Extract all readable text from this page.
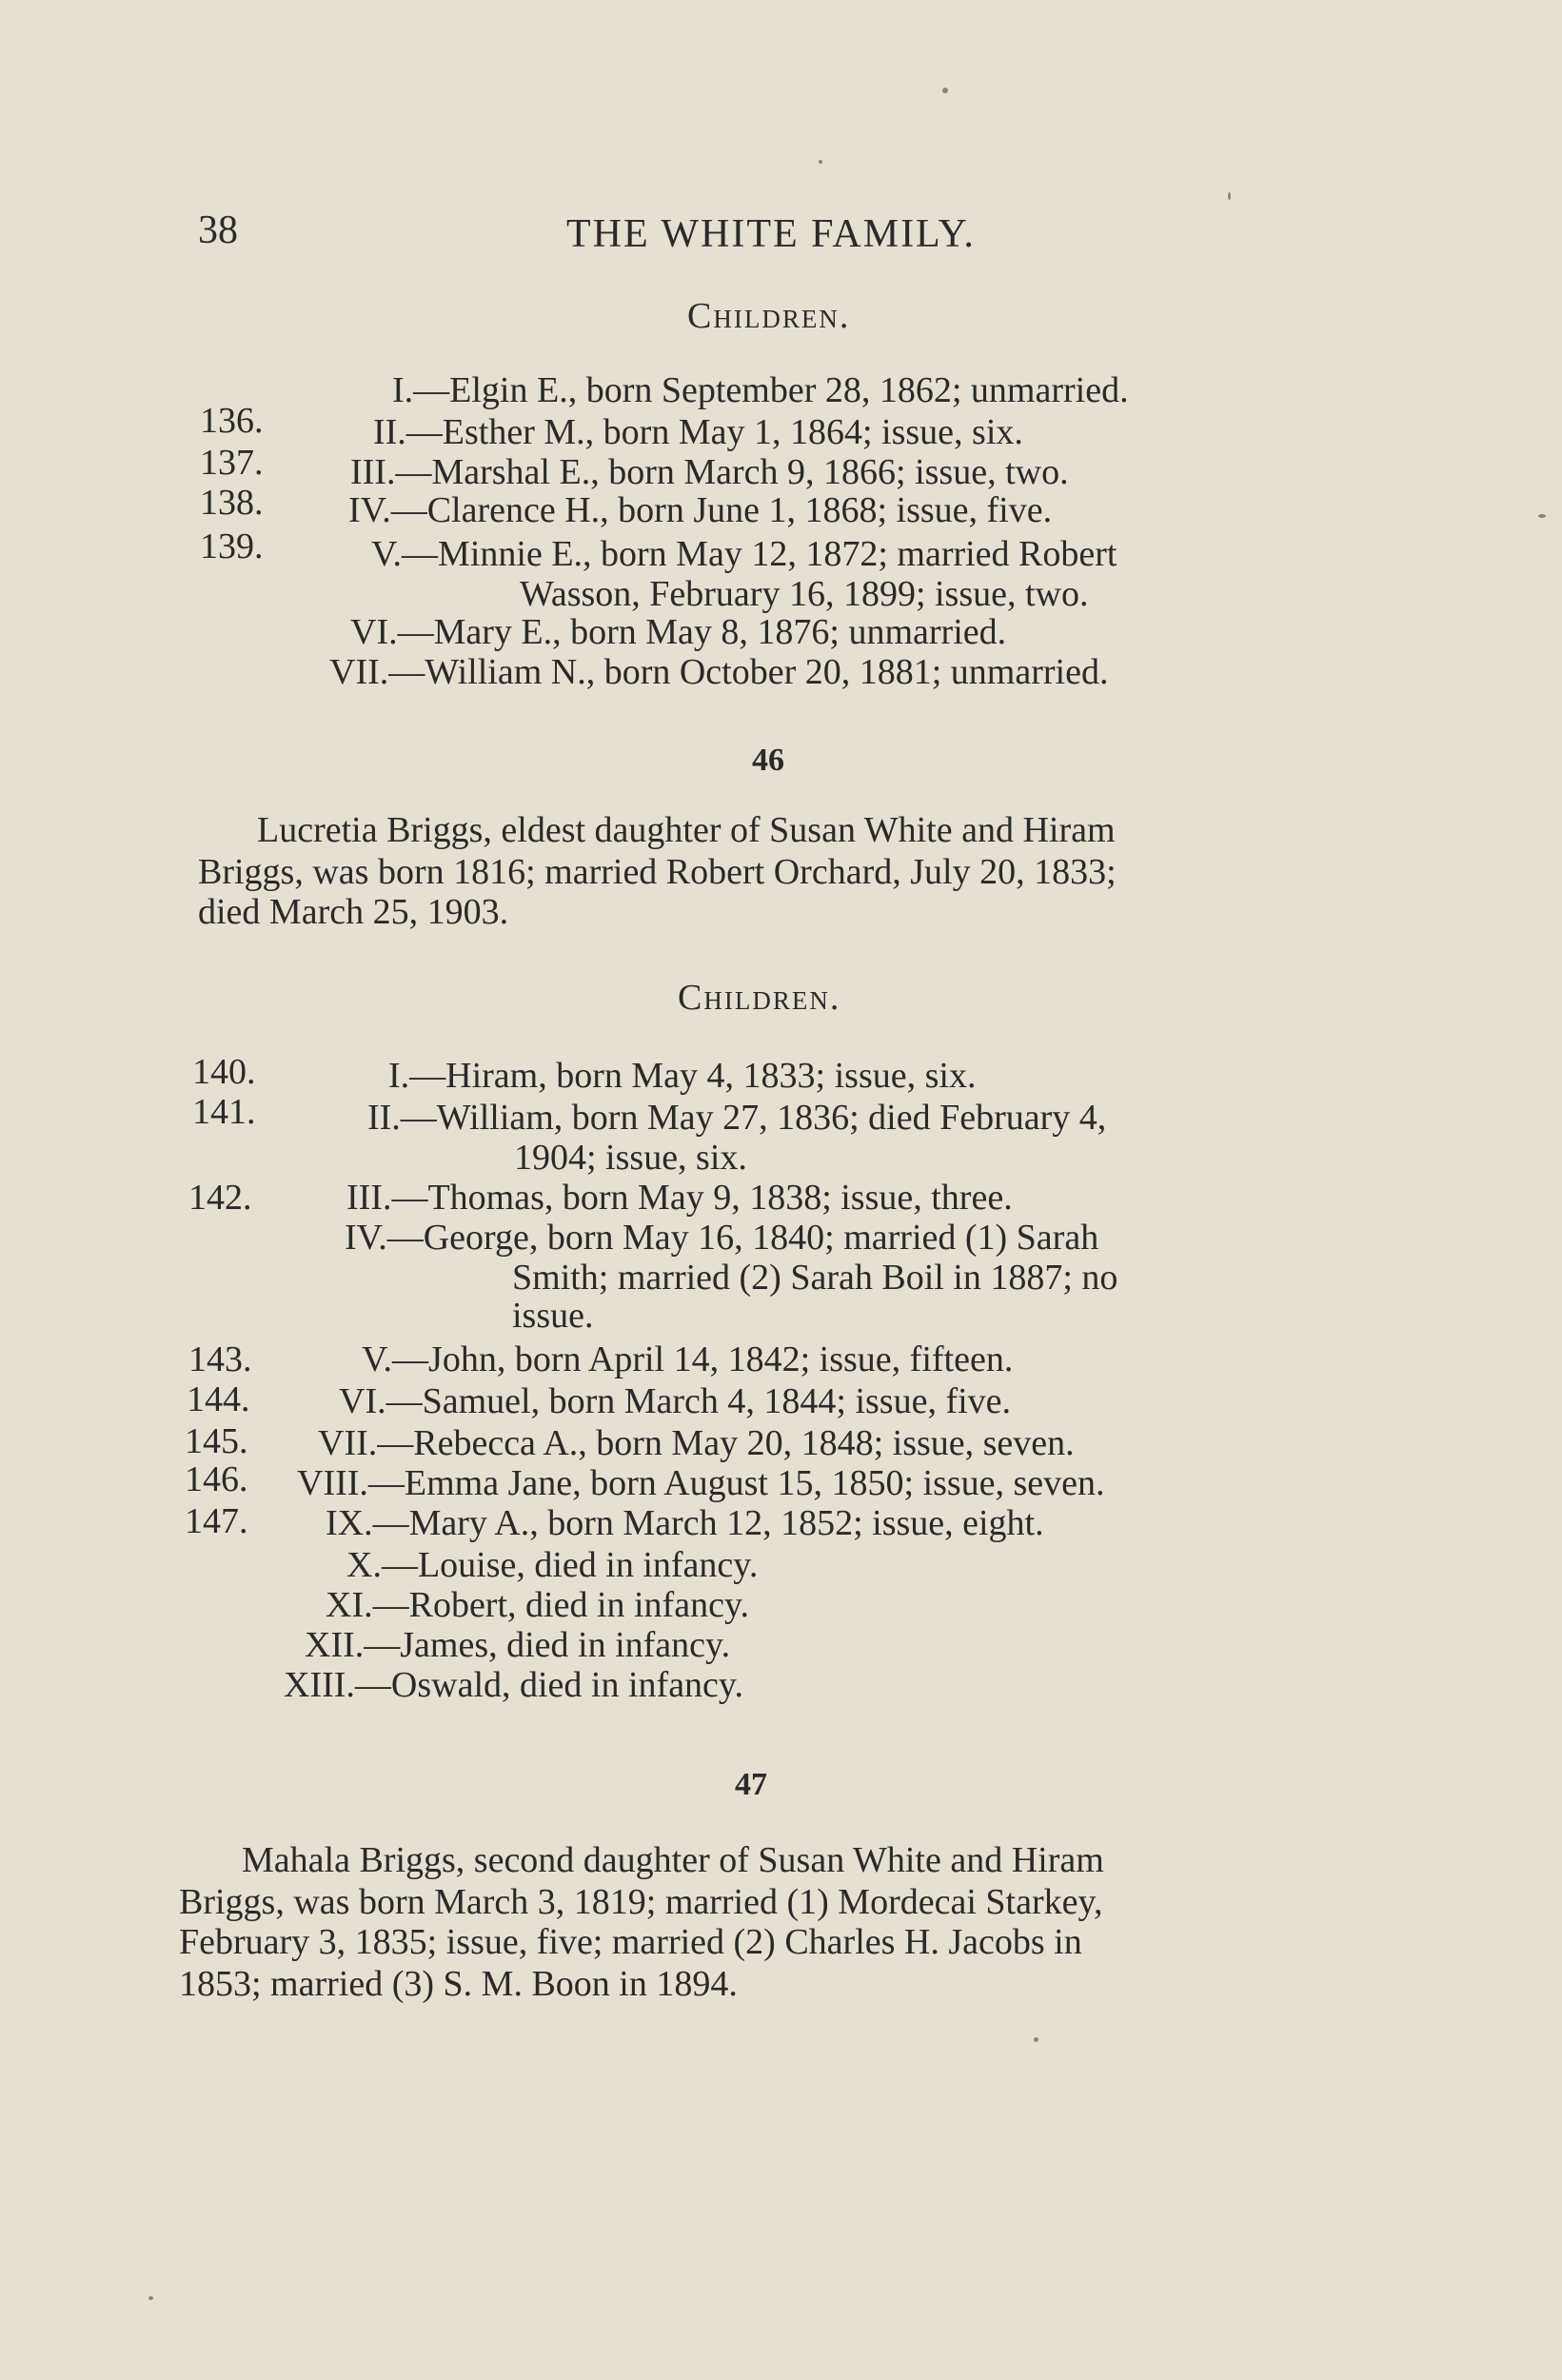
38	THE WHITE FAMILY.
Children.
I.—Elgin E., born September 28, 1862; unmarried.
136.	II.—Esther M., born May 1, 1864; issue, six.
137. III.—Marshal E., born March 9, 1866; issue, two.
138. IV.—Clarence H., born June 1, 1868; issue, five.
139.	V.—Minnie E., born May 12, 1872; married Robert
Wasson, February 16, 1899; issue, two.
VI.—Mary E., born May 8, 1876; unmarried.
VII.—William N., born October 20, 1881; unmarried.
46
Lucretia Briggs, eldest daughter of Susan White and Hiram
Briggs, was born 1816; married Robert Orchard, July 20, 1833;
died March 25, 1903.
Children.
140.	I.—Hiram, born May 4, 1833; issue, six.
141.	II.—William, born May 27, 1836; died February 4,
1904; issue, six.
142.	III.—Thomas, born May 9, 1838; issue, three.
IV.—George, born May 16, 1840; married (1) Sarah
Smith; married (2) Sarah Boil in 1887; no
issue.
143.	V.—John, born April 14, 1842; issue, fifteen.
144. VI.—Samuel, born March 4, 1844; issue, five.
145. VII.—Rebecca A., born May 20, 1848; issue, seven.
146. VIII.—Emma Jane, born August 15, 1850; issue, seven.
147. IX.—Mary A., born March 12, 1852; issue, eight.
X.—Louise, died in infancy.
XI.—Robert, died in infancy.
XII.—James, died in infancy.
XIII.—Oswald, died in infancy.
47
Mahala Briggs, second daughter of Susan White and Hiram
Briggs, was born March 3, 1819; married (1) Mordecai Starkey,
February 3, 1835; issue, five; married (2) Charles H. Jacobs in
1853; married (3) S. M. Boon in 1894.
